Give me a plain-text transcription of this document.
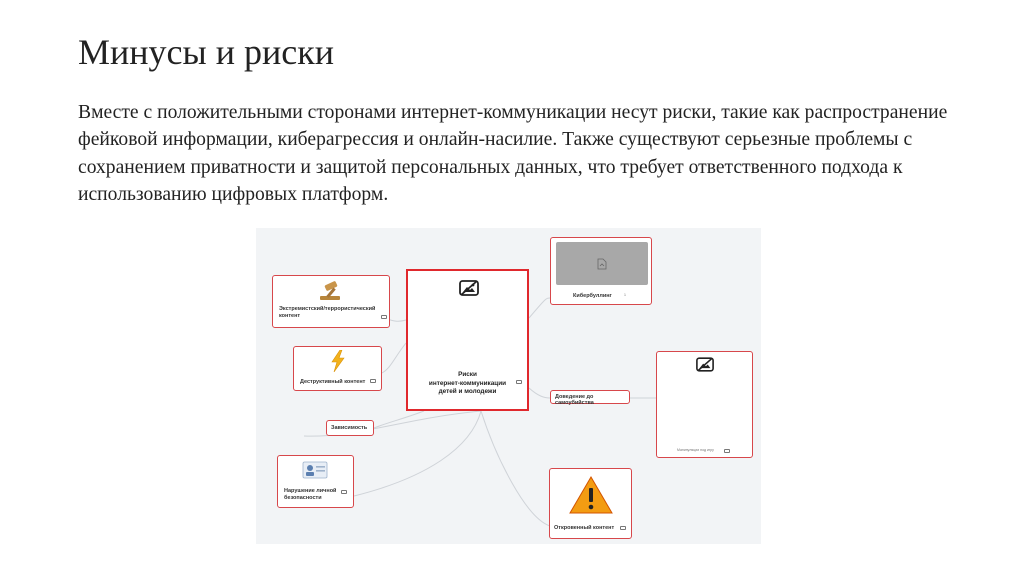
Минусы и риски

Вместе с положительными сторонами интернет-коммуникации несут риски, такие как распространение фейковой информации, киберагрессия и онлайн-насилие. Также существуют серьезные проблемы с сохранением приватности и защитой персональных данных, что требует ответственного подхода к использованию цифровых платформ.

Экстремистский/террористический контент
Деструктивный контент
Зависимость
Нарушение личной безопасности
Риски
интернет-коммуникации
детей и молодежи
Кибербуллинг	1
Доведение до самоубийства
Манипуляции под игру
Откровенный контент
